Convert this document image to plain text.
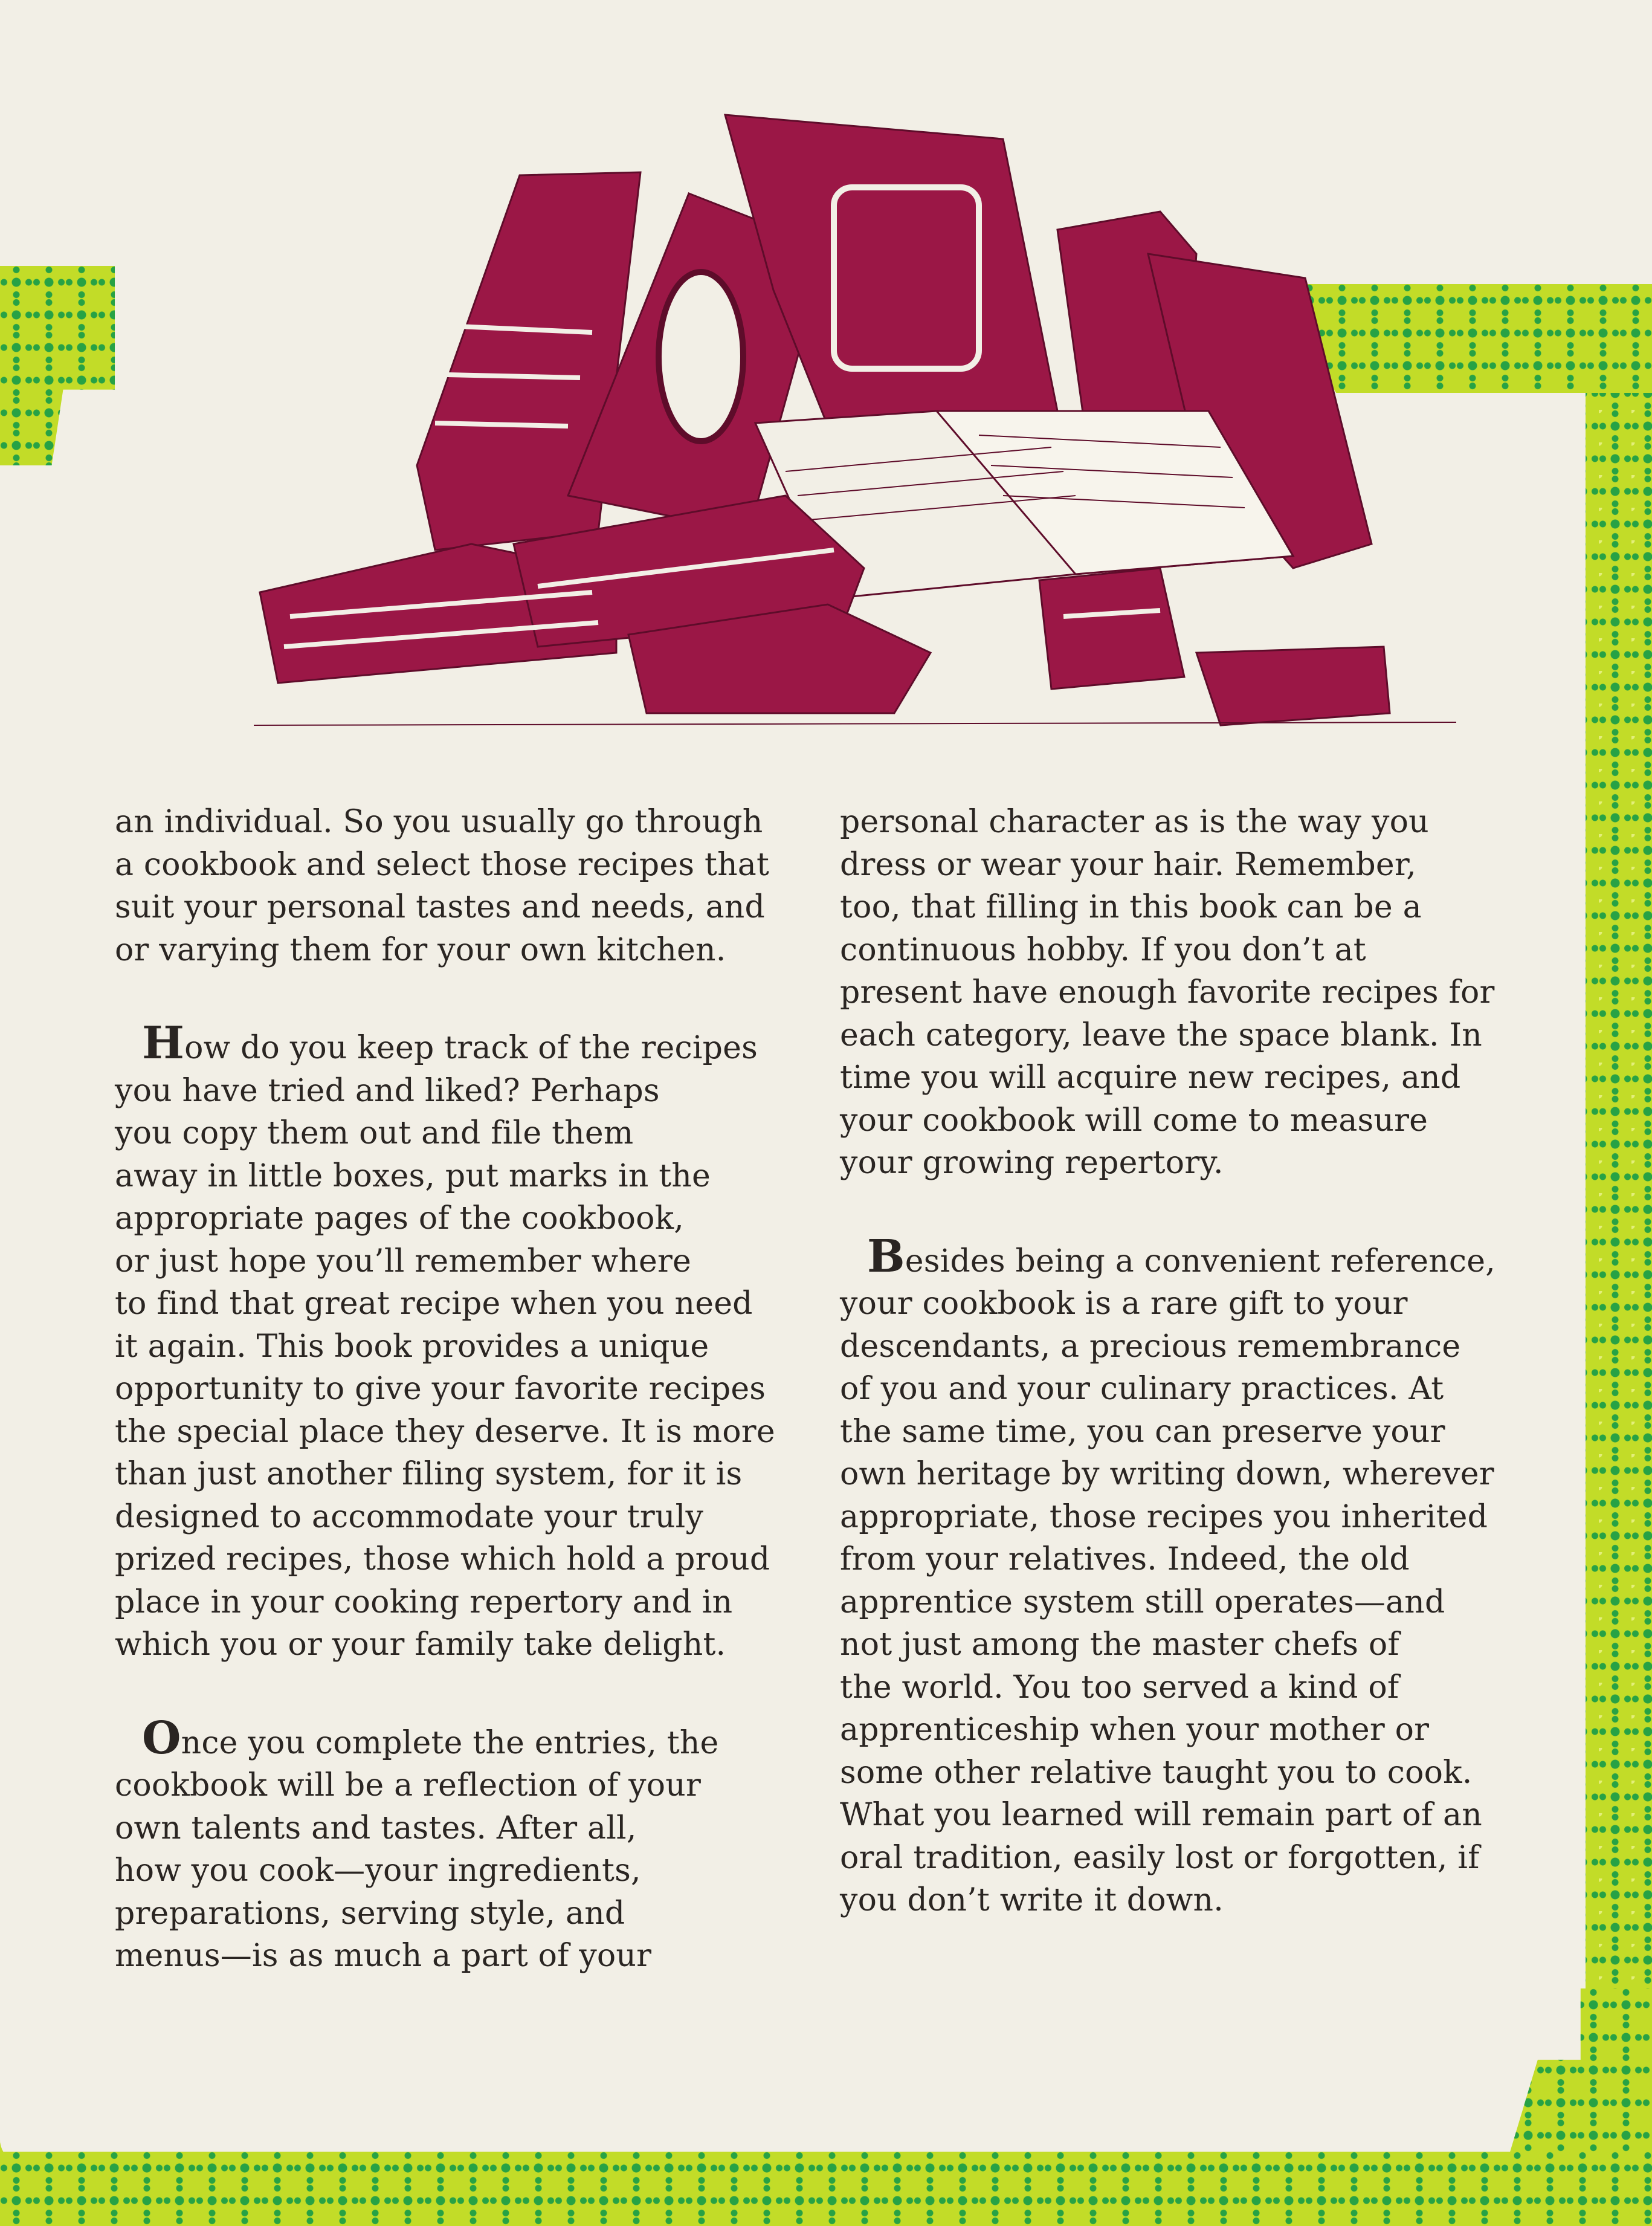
an individual. So you usually go through
a cookbook and select those recipes that
suit your personal tastes and needs, and
or varying them for your own kitchen.

How do you keep track of the recipes
you have tried and liked? Perhaps
you copy them out and file them
away in little boxes, put marks in the
appropriate pages of the cookbook,
or just hope you’ll remember where
to find that great recipe when you need
it again. This book provides a unique
opportunity to give your favorite recipes
the special place they deserve. It is more
than just another filing system, for it is
designed to accommodate your truly
prized recipes, those which hold a proud
place in your cooking repertory and in
which you or your family take delight.

Once you complete the entries, the
cookbook will be a reflection of your
own talents and tastes. After all,
how you cook—your ingredients,
preparations, serving style, and
menus—is as much a part of your

personal character as is the way you
dress or wear your hair. Remember,
too, that filling in this book can be a
continuous hobby. If you don’t at
present have enough favorite recipes for
each category, leave the space blank. In
time you will acquire new recipes, and
your cookbook will come to measure
your growing repertory.

Besides being a convenient reference,
your cookbook is a rare gift to your
descendants, a precious remembrance
of you and your culinary practices. At
the same time, you can preserve your
own heritage by writing down, wherever
appropriate, those recipes you inherited
from your relatives. Indeed, the old
apprentice system still operates—and
not just among the master chefs of
the world. You too served a kind of
apprenticeship when your mother or
some other relative taught you to cook.
What you learned will remain part of an
oral tradition, easily lost or forgotten, if
you don’t write it down.
